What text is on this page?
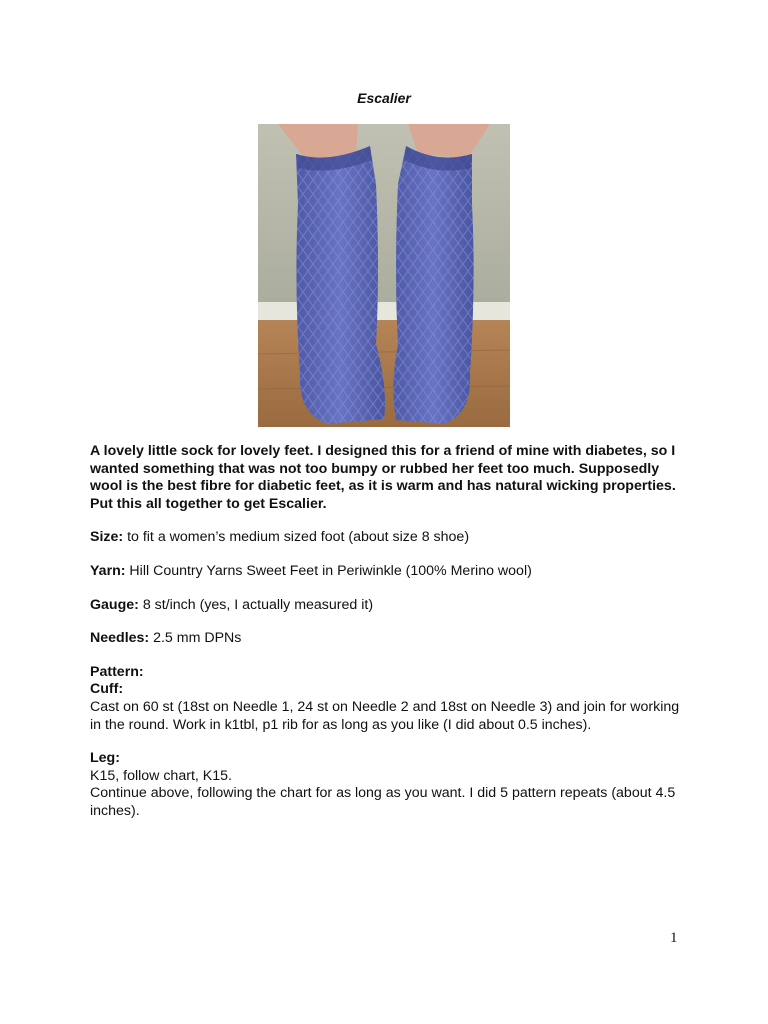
Escalier

A lovely little sock for lovely feet. I designed this for a friend of mine with diabetes, so I wanted something that was not too bumpy or rubbed her feet too much. Supposedly wool is the best fibre for diabetic feet, as it is warm and has natural wicking properties. Put this all together to get Escalier.

Size: to fit a women’s medium sized foot (about size 8 shoe)

Yarn: Hill Country Yarns Sweet Feet in Periwinkle (100% Merino wool)

Gauge: 8 st/inch (yes, I actually measured it)

Needles: 2.5 mm DPNs

Pattern:
Cuff:
Cast on 60 st (18st on Needle 1, 24 st on Needle 2 and 18st on Needle 3) and join for working in the round. Work in k1tbl, p1 rib for as long as you like (I did about 0.5 inches).

Leg:
K15, follow chart, K15.
Continue above, following the chart for as long as you want. I did 5 pattern repeats (about 4.5 inches).

1
